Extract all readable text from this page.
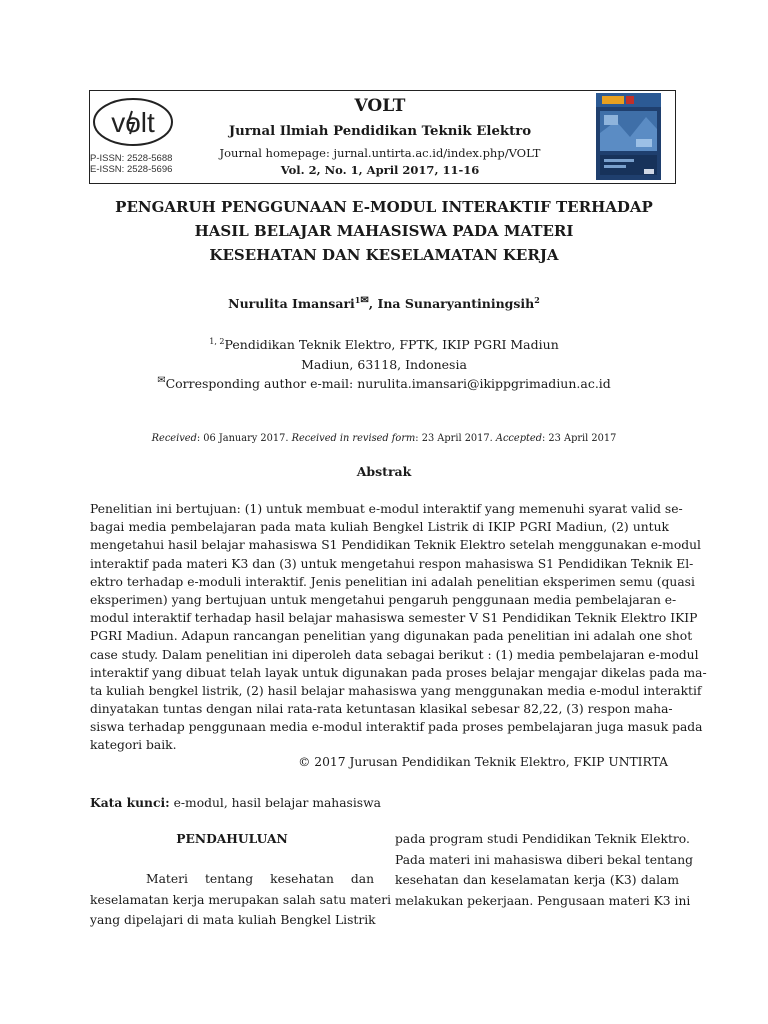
volt
P-ISSN: 2528-5688
E-ISSN: 2528-5696
VOLT
Jurnal Ilmiah Pendidikan Teknik Elektro
Journal homepage: jurnal.untirta.ac.id/index.php/VOLT
Vol. 2, No. 1, April 2017, 11-16
PENGARUH PENGGUNAAN E-MODUL INTERAKTIF TERHADAP
HASIL BELAJAR MAHASISWA PADA MATERI
KESEHATAN DAN KESELAMATAN KERJA
Nurulita Imansari$^1$✉, Ina Sunaryantiningsih$^2$
$^{1, 2}$Pendidikan Teknik Elektro, FPTK, IKIP PGRI Madiun
Madiun, 63118, Indonesia
✉Corresponding author e-mail: nurulita.imansari@ikippgrimadiun.ac.id
Received: 06 January 2017. Received in revised form: 23 April 2017. Accepted: 23 April 2017
Abstrak
Penelitian ini bertujuan: (1) untuk membuat e-modul interaktif yang memenuhi syarat valid se-
bagai media pembelajaran pada mata kuliah Bengkel Listrik di IKIP PGRI Madiun, (2) untuk
mengetahui hasil belajar mahasiswa S1 Pendidikan Teknik Elektro setelah menggunakan e-modul
interaktif pada materi K3 dan (3) untuk mengetahui respon mahasiswa S1 Pendidikan Teknik El-
ektro terhadap e-moduli interaktif. Jenis penelitian ini adalah penelitian eksperimen semu (quasi
eksperimen) yang bertujuan untuk mengetahui pengaruh penggunaan media pembelajaran e-
modul interaktif terhadap hasil belajar mahasiswa semester V S1 Pendidikan Teknik Elektro IKIP
PGRI Madiun. Adapun rancangan penelitian yang digunakan pada penelitian ini adalah one shot
case study. Dalam penelitian ini diperoleh data sebagai berikut : (1) media pembelajaran e-modul
interaktif yang dibuat telah layak untuk digunakan pada proses belajar mengajar dikelas pada ma-
ta kuliah bengkel listrik, (2) hasil belajar mahasiswa yang menggunakan media e-modul interaktif
dinyatakan tuntas dengan nilai rata-rata ketuntasan klasikal sebesar 82,22, (3) respon maha-
siswa terhadap penggunaan media e-modul interaktif pada proses pembelajaran juga masuk pada
kategori baik.
© 2017 Jurusan Pendidikan Teknik Elektro, FKIP UNTIRTA
Kata kunci: e-modul, hasil belajar mahasiswa
PENDAHULUAN
Materi tentang kesehatan dan
keselamatan kerja merupakan salah satu materi
yang dipelajari di mata kuliah Bengkel Listrik
pada program studi Pendidikan Teknik Elektro.
Pada materi ini mahasiswa diberi bekal tentang
kesehatan dan keselamatan kerja (K3) dalam
melakukan pekerjaan. Pengusaan materi K3 ini
